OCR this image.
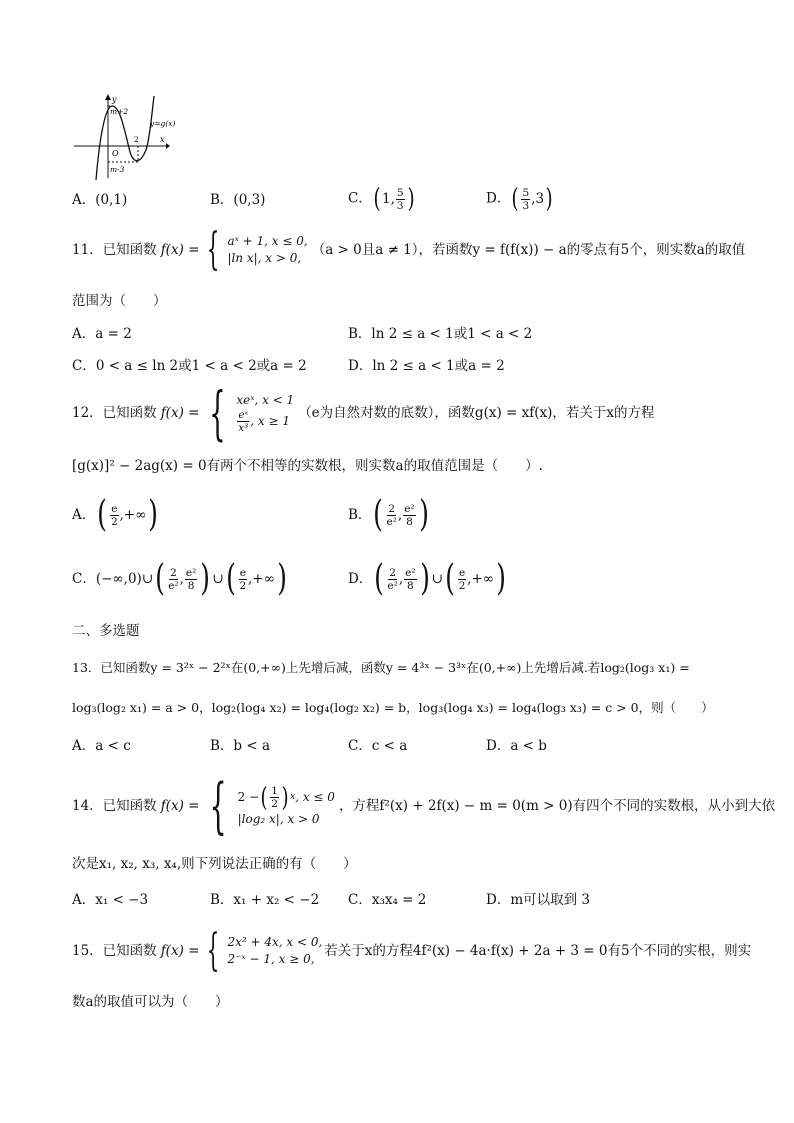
y
m+2
y=g(x)
2	x
O
m-3
A．(0,1)	B．(0,3)	C． ( 1, $\frac{5}{3}$ )	D． ( $\frac{5}{3} ,3$ )
11．已知函数 f(x) = { aˣ + 1, x ≤ 0,
|ln x|, x > 0, （a > 0且a ≠ 1），若函数y = f(f(x)) − a的零点有5个，则实数a的取值
范围为（　　）
A．a = 2	B．ln 2 ≤ a < 1或1 < a < 2
C．0 < a ≤ ln 2或1 < a < 2或a = 2	D．ln 2 ≤ a < 1或a = 2
12．已知函数 f(x) = { xeˣ, x < 1
$\frac{\text{eˣ}}{\text{x³}}$ , x ≥ 1 （e为自然对数的底数），函数g(x) = xf(x)，若关于x的方程
[g(x)]² − 2ag(x) = 0有两个不相等的实数根，则实数a的取值范围是（　　）.
A． ( $\frac{e}{2}$ ,+∞ )	B． ( $\frac{2}{\text{e²}}$ , $\frac{\text{e²}}{8}$ )
C． (−∞,0)∪ ( $\frac{2}{\text{e²}}$ , $\frac{\text{e²}}{8}$ ) ∪ ( $\frac{e}{2}$ ,+∞ )	D． ( $\frac{2}{\text{e²}}$ , $\frac{\text{e²}}{8}$ ) ∪ ( $\frac{e}{2}$ ,+∞ )
二、多选题
13．已知函数y = 3²ˣ − 2²ˣ在(0,+∞)上先增后减，函数y = 4³ˣ − 3³ˣ在(0,+∞)上先增后减.若log₂(log₃ x₁) =
log₃(log₂ x₁) = a > 0，log₂(log₄ x₂) = log₄(log₂ x₂) = b，log₃(log₄ x₃) = log₄(log₃ x₃) = c > 0，则（　　）
A．a < c	B．b < a	C．c < a	D．a < b
14．已知函数 f(x) = { 2 − ( $\frac{1}{2}$ ) x , x ≤ 0
|log₂ x|, x > 0
，方程f²(x) + 2f(x) − m = 0(m > 0)有四个不同的实数根，从小到大依
次是x₁, x₂, x₃, x₄,则下列说法正确的有（　　）
A．x₁ < −3	B．x₁ + x₂ < −2 C．x₃x₄ = 2	D．m可以取到 3
15．已知函数 f(x) = { 2x² + 4x, x < 0,
2⁻ˣ − 1, x ≥ 0, 若关于x的方程4f²(x) − 4a·f(x) + 2a + 3 = 0有5个不同的实根，则实
数a的取值可以为（　　）
